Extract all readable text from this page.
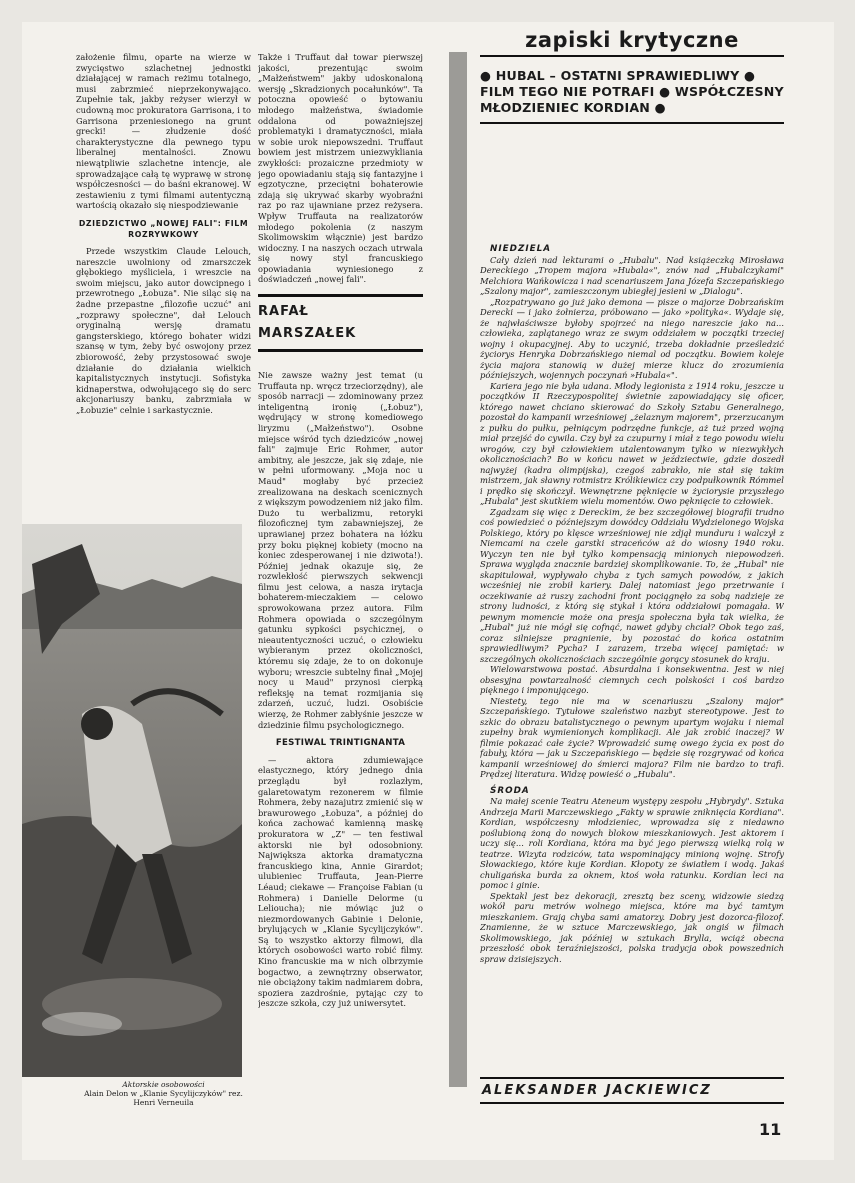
założenie filmu, oparte na wierze w zwycięstwo szlachetnej jednostki działającej w ramach reżimu totalnego, musi zabrzmieć nieprzekonywająco. Zupełnie tak, jakby reżyser wierzył w cudowną moc prokuratora Garrisona, i to Garrisona przeniesionego na grunt grecki! — złudzenie dość charakterystyczne dla pewnego typu liberalnej mentalności. Znowu niewątpliwie szlachetne intencje, ale sprowadzające całą tę wyprawę w stronę współczesności — do baśni ekranowej. W zestawieniu z tymi filmami autentyczną wartością okazało się niespodziewanie

DZIEDZICTWO „NOWEJ FALI": FILM ROZRYWKOWY

Przede wszystkim Claude Lelouch, nareszcie uwolniony od zmarszczek głębokiego myśliciela, i wreszcie na swoim miejscu, jako autor dowcipnego i przewrotnego „Łobuza". Nie siląc się na żadne przepastne „filozofie uczuć" ani „rozprawy społeczne", dał Lelouch oryginalną wersję dramatu gangsterskiego, którego bohater widzi szansę w tym, żeby być oswojony przez zbiorowość, żeby przystosować swoje działanie do działania wielkich kapitalistycznych instytucji. Sofistyka kidnaperstwa, odwołującego się do serc akcjonariuszy banku, zabrzmiała w „Łobuzie" celnie i sarkastycznie.

Aktorskie osobowości
Alain Delon w „Klanie Sycylijczyków" rez. Henri Verneuila

Także i Truffaut dał towar pierwszej jakości, prezentując swoim „Małżeństwem" jakby udoskonaloną wersję „Skradzionych pocałunków". Ta potoczna opowieść o bytowaniu młodego małżeństwa, świadomie oddalona od poważniejszej problematyki i dramatyczności, miała w sobie urok niepowszedni. Truffaut bowiem jest mistrzem uniezwykliania zwykłości: prozaiczne przedmioty w jego opowiadaniu stają się fantazyjne i egzotyczne, przeciętni bohaterowie zdają się ukrywać skarby wyobraźni raz po raz ujawniane przez reżysera. Wpływ Truffauta na realizatorów młodego pokolenia (z naszym Skolimowskim włącznie) jest bardzo widoczny. I na naszych oczach utrwala się nowy styl francuskiego opowiadania wyniesionego z doświadczeń „nowej fali".

RAFAŁ
MARSZAŁEK

Nie zawsze ważny jest temat (u Truffauta np. wręcz trzeciorzędny), ale sposób narracji — zdominowany przez inteligentną ironię („Łobuz"), wędrujący w stronę komediowego liryzmu („Małżeństwo"). Osobne miejsce wśród tych dziedziców „nowej fali" zajmuje Eric Rohmer, autor ambitny, ale jeszcze, jak się zdaje, nie w pełni uformowany. „Moja noc u Maud" mogłaby być przecież zrealizowana na deskach scenicznych z większym powodzeniem niż jako film. Dużo tu werbalizmu, retoryki filozoficznej tym zabawniejszej, że uprawianej przez bohatera na łóżku przy boku pięknej kobiety (mocno na koniec zdesperowanej i nie dziwota!). Później jednak okazuje się, że rozwlekłość pierwszych sekwencji filmu jest celowa, a nasza irytacja bohaterem-mieczakiem — celowo sprowokowana przez autora. Film Rohmera opowiada o szczególnym gatunku sypkości psychicznej, o nieautentyczności uczuć, o człowieku wybieranym przez okoliczności, któremu się zdaje, że to on dokonuje wyboru; wreszcie subtelny finał „Mojej nocy u Maud" przynosi cierpką refleksję na temat rozmijania się zdarzeń, uczuć, ludzi. Osobiście wierzę, że Rohmer zabłyśnie jeszcze w dziedzinie filmu psychologicznego.

FESTIWAL TRINTIGNANTA

— aktora zdumiewające elastycznego, który jednego dnia przeglądu był rozlazłym, galaretowatym rezonerem w filmie Rohmera, żeby nazajutrz zmienić się w brawurowego „Łobuza", a później do końca zachować kamienną maskę prokuratora w „Z" — ten festiwal aktorski nie był odosobniony. Największa aktorka dramatyczna francuskiego kina, Annie Girardot; ulubieniec Truffauta, Jean-Pierre Léaud; ciekawe — Françoise Fabian (u Rohmera) i Danielle Delorme (u Lelioucha); nie mówiąc już o niezmordowanych Gabinie i Delonie, brylujących w „Klanie Sycylijczyków". Są to wszystko aktorzy filmowi, dla których osobowości warto robić filmy. Kino francuskie ma w nich olbrzymie bogactwo, a zewnętrzny obserwator, nie obciążony takim nadmiarem dobra, spoziera zazdrośnie, pytając czy to jeszcze szkoła, czy już uniwersytet.

zapiski krytyczne
● HUBAL – OSTATNI SPRAWIEDLIWY ● FILM TEGO NIE POTRAFI ● WSPÓŁCZESNY MŁODZIENIEC KORDIAN ●

NIEDZIELA

Cały dzień nad lekturami o „Hubalu". Nad książeczką Mirosława Dereckiego „Tropem majora »Hubala«", znów nad „Hubalczykami" Melchiora Wańkowicza i nad scenariuszem Jana Józefa Szczepańskiego „Szalony major", zamieszczonym ubiegłej jesieni w „Dialogu".

„Rozpatrywano go już jako demona — pisze o majorze Dobrzańskim Derecki — i jako żołnierza, próbowano — jako »polityka«. Wydaje się, że najwłaściwsze byłoby spojrzeć na niego nareszcie jako na... człowieka, zaplątanego wraz ze swym oddziałem w początki trzeciej wojny i okupacyjnej. Aby to uczynić, trzeba dokładnie prześledzić życiorys Henryka Dobrzańskiego niemal od początku. Bowiem koleje życia majora stanowią w dużej mierze klucz do zrozumienia późniejszych, wojennych poczynań »Hubala«".

Kariera jego nie była udana. Młody legionista z 1914 roku, jeszcze u początków II Rzeczypospolitej świetnie zapowiadający się oficer, którego nawet chciano skierować do Szkoły Sztabu Generalnego, pozostał do kampanii wrześniowej „żelaznym majorem", przerzucanym z pułku do pułku, pełniącym podrzędne funkcje, aż tuż przed wojną miał przejść do cywila. Czy był za czupurny i miał z tego powodu wielu wrogów, czy był człowiekiem utalentowanym tylko w niezwykłych okolicznościach? Bo w końcu nawet w jeździectwie, gdzie doszedł najwyżej (kadra olimpijska), czegoś zabrakło, nie stał się takim mistrzem, jak sławny rotmistrz Królikiewicz czy podpułkownik Rómmel i prędko się skończył. Wewnętrzne pęknięcie w życiorysie przyszłego „Hubala" jest skutkiem wielu momentów. Owo pęknięcie to człowiek.

Zgadzam się więc z Dereckim, że bez szczegółowej biografii trudno coś powiedzieć o późniejszym dowódcy Oddziału Wydzielonego Wojska Polskiego, który po klęsce wrześniowej nie zdjął munduru i walczył z Niemcami na czele garstki straceńców aż do wiosny 1940 roku. Wyczyn ten nie był tylko kompensacją minionych niepowodzeń. Sprawa wygląda znacznie bardziej skomplikowanie. To, że „Hubal" nie skapitulował, wypływało chyba z tych samych powodów, z jakich wcześniej nie zrobił kariery. Dalej natomiast jego przetrwanie i oczekiwanie aż ruszy zachodni front pociągnęło za sobą nadzieje ze strony ludności, z którą się stykał i która oddziałowi pomagała. W pewnym momencie może ona presja społeczna była tak wielka, że „Hubal" już nie mógł się cofnąć, nawet gdyby chciał? Obok tego zaś, coraz silniejsze pragnienie, by pozostać do końca ostatnim sprawiedliwym? Pycha? I zarazem, trzeba więcej pamiętać: w szczególnych okolicznościach szczególnie gorący stosunek do kraju.

Wielowarstwowa postać. Absurdalna i konsekwentna. Jest w niej obsesyjna powtarzalność ciemnych cech polskości i coś bardzo pięknego i imponującego.

Niestety, tego nie ma w scenariuszu „Szalony major" Szczepańskiego. Tytułowe szaleństwo nazbyt stereotypowe. Jest to szkic do obrazu batalistycznego o pewnym upartym wojaku i niemal zupełny brak wymienionych komplikacji. Ale jak zrobić inaczej? W filmie pokazać całe życie? Wprowadzić sumę owego życia ex post do fabuły, która — jak u Szczepańskiego — będzie się rozgrywać od końca kampanii wrześniowej do śmierci majora? Film nie bardzo to trafi. Prędzej literatura. Widzę powieść o „Hubalu".

ŚRODA

Na małej scenie Teatru Ateneum występy zespołu „Hybrydy". Sztuka Andrzeja Marii Marczewskiego „Fakty w sprawie zniknięcia Kordiana". Kordian, współczesny młodzieniec, wprowadza się z niedawno poślubioną żoną do nowych blokow mieszkaniowych. Jest aktorem i uczy się... roli Kordiana, która ma być jego pierwszą wielką rolą w teatrze. Wizyta rodziców, tata wspominający minioną wojnę. Strofy Słowackiego, które kuje Kordian. Kłopoty ze światłem i wodą. Jakaś chuligańska burda za oknem, ktoś woła ratunku. Kordian leci na pomoc i ginie.

Spektakl jest bez dekoracji, zresztą bez sceny, widzowie siedzą wokół paru metrów wolnego miejsca, które ma być tamtym mieszkaniem. Grają chyba sami amatorzy. Dobry jest dozorca-filozof. Znamienne, że w sztuce Marczewskiego, jak ongiś w filmach Skolimowskiego, jak później w sztukach Brylla, wciąż obecna przeszłość obok teraźniejszości, polska tradycja obok powszednich spraw dzisiejszych.

ALEKSANDER JACKIEWICZ
11
